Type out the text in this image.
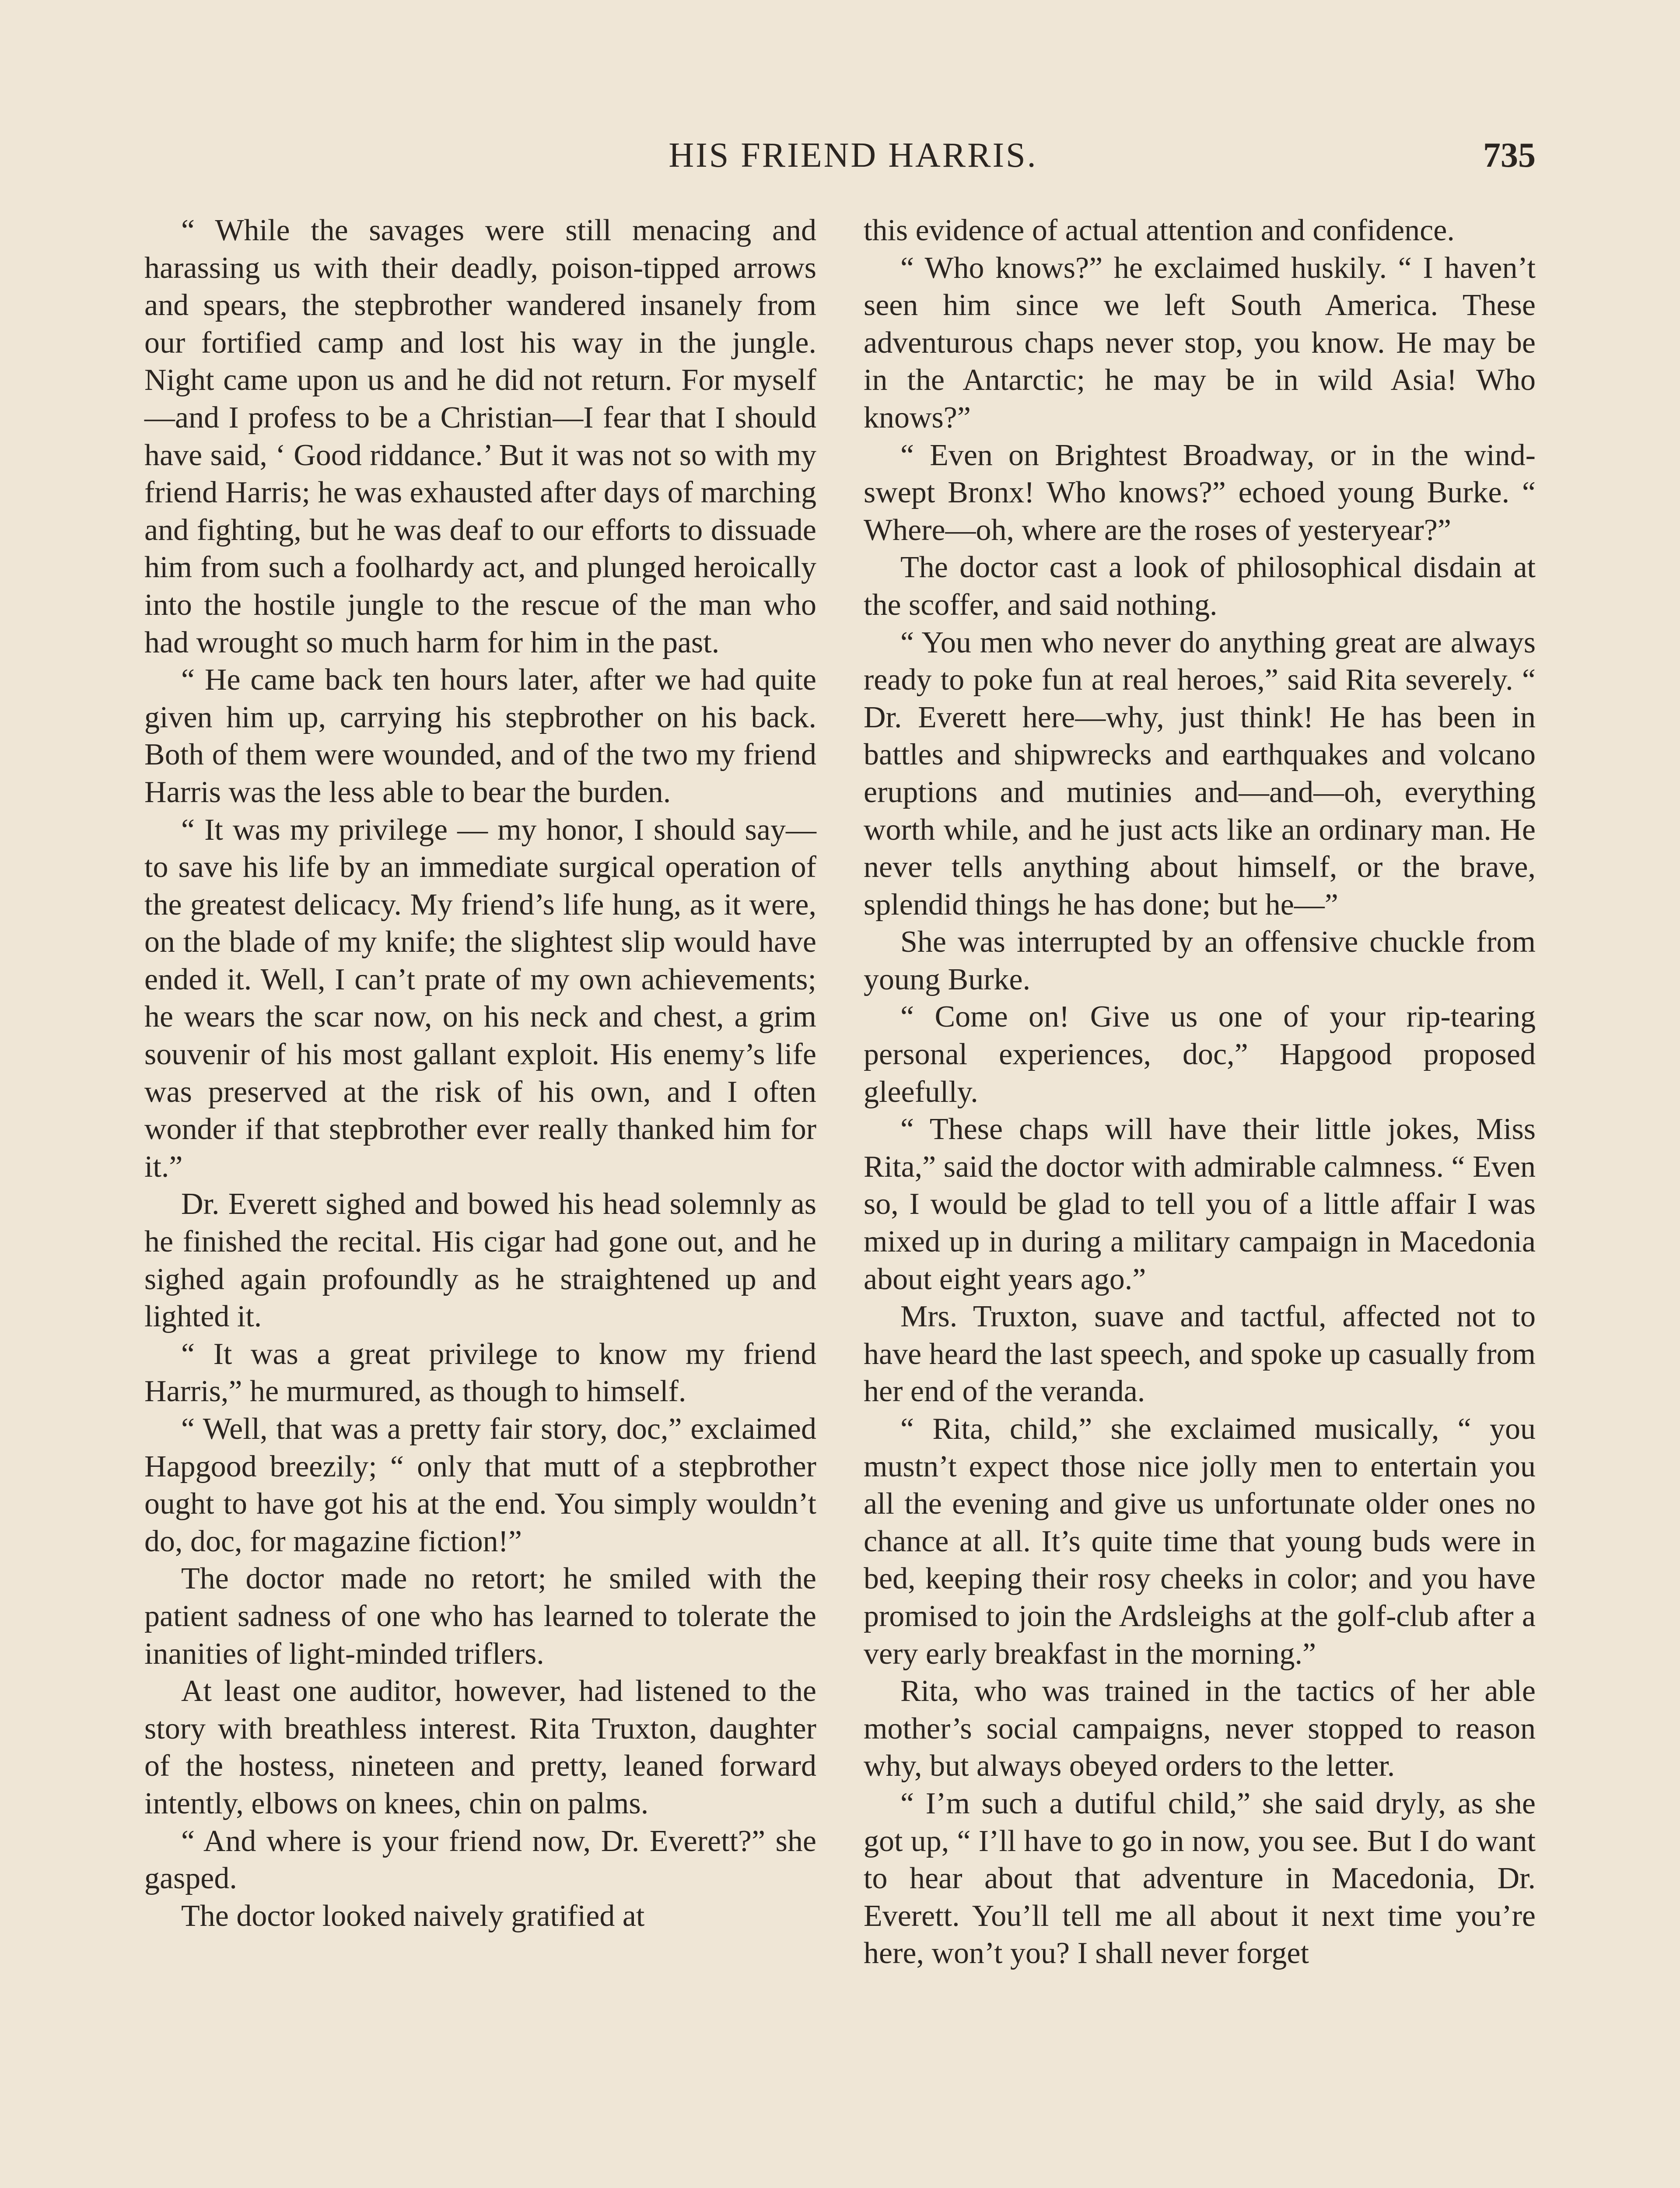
HIS FRIEND HARRIS.	735

“ While the savages were still menacing and harassing us with their deadly, poison-tipped arrows and spears, the stepbrother wandered insanely from our fortified camp and lost his way in the jungle. Night came upon us and he did not return. For myself —and I profess to be a Christian—I fear that I should have said, ‘ Good riddance.’ But it was not so with my friend Harris; he was exhausted after days of marching and fighting, but he was deaf to our efforts to dissuade him from such a foolhardy act, and plunged heroically into the hostile jungle to the rescue of the man who had wrought so much harm for him in the past.

“ He came back ten hours later, after we had quite given him up, carrying his stepbrother on his back. Both of them were wounded, and of the two my friend Harris was the less able to bear the burden.

“ It was my privilege — my honor, I should say—to save his life by an immediate surgical operation of the greatest delicacy. My friend’s life hung, as it were, on the blade of my knife; the slightest slip would have ended it. Well, I can’t prate of my own achievements; he wears the scar now, on his neck and chest, a grim souvenir of his most gallant exploit. His enemy’s life was preserved at the risk of his own, and I often wonder if that stepbrother ever really thanked him for it.”

Dr. Everett sighed and bowed his head solemnly as he finished the recital. His cigar had gone out, and he sighed again profoundly as he straightened up and lighted it.

“ It was a great privilege to know my friend Harris,” he murmured, as though to himself.

“ Well, that was a pretty fair story, doc,” exclaimed Hapgood breezily; “ only that mutt of a stepbrother ought to have got his at the end. You simply wouldn’t do, doc, for magazine fiction!”

The doctor made no retort; he smiled with the patient sadness of one who has learned to tolerate the inanities of light-minded triflers.

At least one auditor, however, had listened to the story with breathless interest. Rita Truxton, daughter of the hostess, nineteen and pretty, leaned forward intently, elbows on knees, chin on palms.

“ And where is your friend now, Dr. Everett?” she gasped.

The doctor looked naively gratified at

this evidence of actual attention and confidence.

“ Who knows?” he exclaimed huskily. “ I haven’t seen him since we left South America. These adventurous chaps never stop, you know. He may be in the Antarctic; he may be in wild Asia! Who knows?”

“ Even on Brightest Broadway, or in the wind-swept Bronx! Who knows?” echoed young Burke. “ Where—oh, where are the roses of yesteryear?”

The doctor cast a look of philosophical disdain at the scoffer, and said nothing.

“ You men who never do anything great are always ready to poke fun at real heroes,” said Rita severely. “ Dr. Everett here—why, just think! He has been in battles and shipwrecks and earthquakes and volcano eruptions and mutinies and—and—oh, everything worth while, and he just acts like an ordinary man. He never tells anything about himself, or the brave, splendid things he has done; but he—”

She was interrupted by an offensive chuckle from young Burke.

“ Come on! Give us one of your rip-tearing personal experiences, doc,” Hapgood proposed gleefully.

“ These chaps will have their little jokes, Miss Rita,” said the doctor with admirable calmness. “ Even so, I would be glad to tell you of a little affair I was mixed up in during a military campaign in Macedonia about eight years ago.”

Mrs. Truxton, suave and tactful, affected not to have heard the last speech, and spoke up casually from her end of the veranda.

“ Rita, child,” she exclaimed musically, “ you mustn’t expect those nice jolly men to entertain you all the evening and give us unfortunate older ones no chance at all. It’s quite time that young buds were in bed, keeping their rosy cheeks in color; and you have promised to join the Ardsleighs at the golf-club after a very early breakfast in the morning.”

Rita, who was trained in the tactics of her able mother’s social campaigns, never stopped to reason why, but always obeyed orders to the letter.

“ I’m such a dutiful child,” she said dryly, as she got up, “ I’ll have to go in now, you see. But I do want to hear about that adventure in Macedonia, Dr. Everett. You’ll tell me all about it next time you’re here, won’t you? I shall never forget
